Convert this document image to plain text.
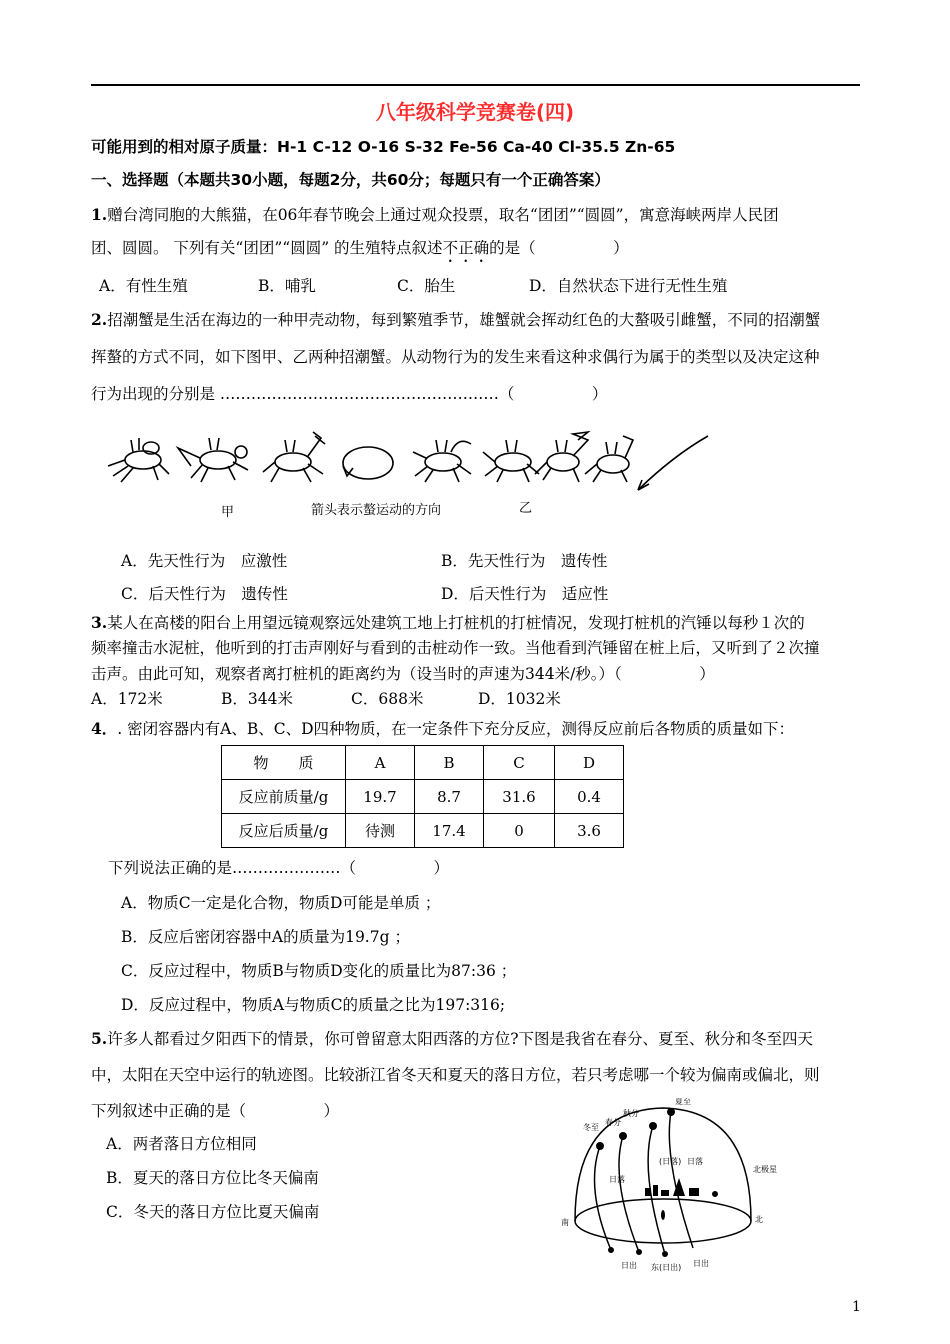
八年级科学竞赛卷(四)
可能用到的相对原子质量：H-1 C-12 O-16 S-32 Fe-56 Ca-40 Cl-35.5 Zn-65
一、选择题（本题共30小题，每题2分，共60分；每题只有一个正确答案）
1.赠台湾同胞的大熊猫，在06年春节晚会上通过观众投票，取名“团团”“圆圆”，寓意海峡两岸人民团
团、圆圆。 下列有关“团团”“圆圆” 的生殖特点叙述不正确的是（　　　　　）
A．有性生殖	B．哺乳	C．胎生	D．自然状态下进行无性生殖
2.招潮蟹是生活在海边的一种甲壳动物，每到繁殖季节，雄蟹就会挥动红色的大螯吸引雌蟹，不同的招潮蟹
挥螯的方式不同，如下图甲、乙两种招潮蟹。从动物行为的发生来看这种求偶行为属于的类型以及决定这种
行为出现的分别是 ………………………………………………（　　　　　）
甲	箭头表示螯运动的方向	乙
A．先天性行为　应激性	B．先天性行为　遗传性
C．后天性行为　遗传性	D．后天性行为　适应性
3.某人在高楼的阳台上用望远镜观察远处建筑工地上打桩机的打桩情况，发现打桩机的汽锤以每秒１次的
频率撞击水泥桩，他听到的打击声刚好与看到的击桩动作一致。当他看到汽锤留在桩上后，又听到了２次撞
击声。由此可知，观察者离打桩机的距离约为（设当时的声速为344米/秒。）（　　　　　）
A．172米	B．344米	C．688米	D．1032米
4．. 密闭容器内有A、B、C、D四种物质，在一定条件下充分反应，测得反应前后各物质的质量如下：
物　　质	A	B	C	D
反应前质量/g	19.7	8.7	31.6	0.4
反应后质量/g	待测	17.4	0	3.6
下列说法正确的是…………………（　　　　　）
A．物质C一定是化合物，物质D可能是单质 ；
B．反应后密闭容器中A的质量为19.7g ；
C．反应过程中，物质B与物质D变化的质量比为87:36 ；
D．反应过程中，物质A与物质C的质量之比为197:316;
5.许多人都看过夕阳西下的情景，你可曾留意太阳西落的方位?下图是我省在春分、夏至、秋分和冬至四天
中，太阳在天空中运行的轨迹图。比较浙江省冬天和夏天的落日方位，若只考虑哪一个较为偏南或偏北，则
下列叙述中正确的是（　　　　　）
A．两者落日方位相同
B．夏天的落日方位比冬天偏南
C．冬天的落日方位比夏天偏南
冬至
春分
秋分
夏至
日落
日落
(日落)
北极星
南	北
日出 东(日出) 日出
1
